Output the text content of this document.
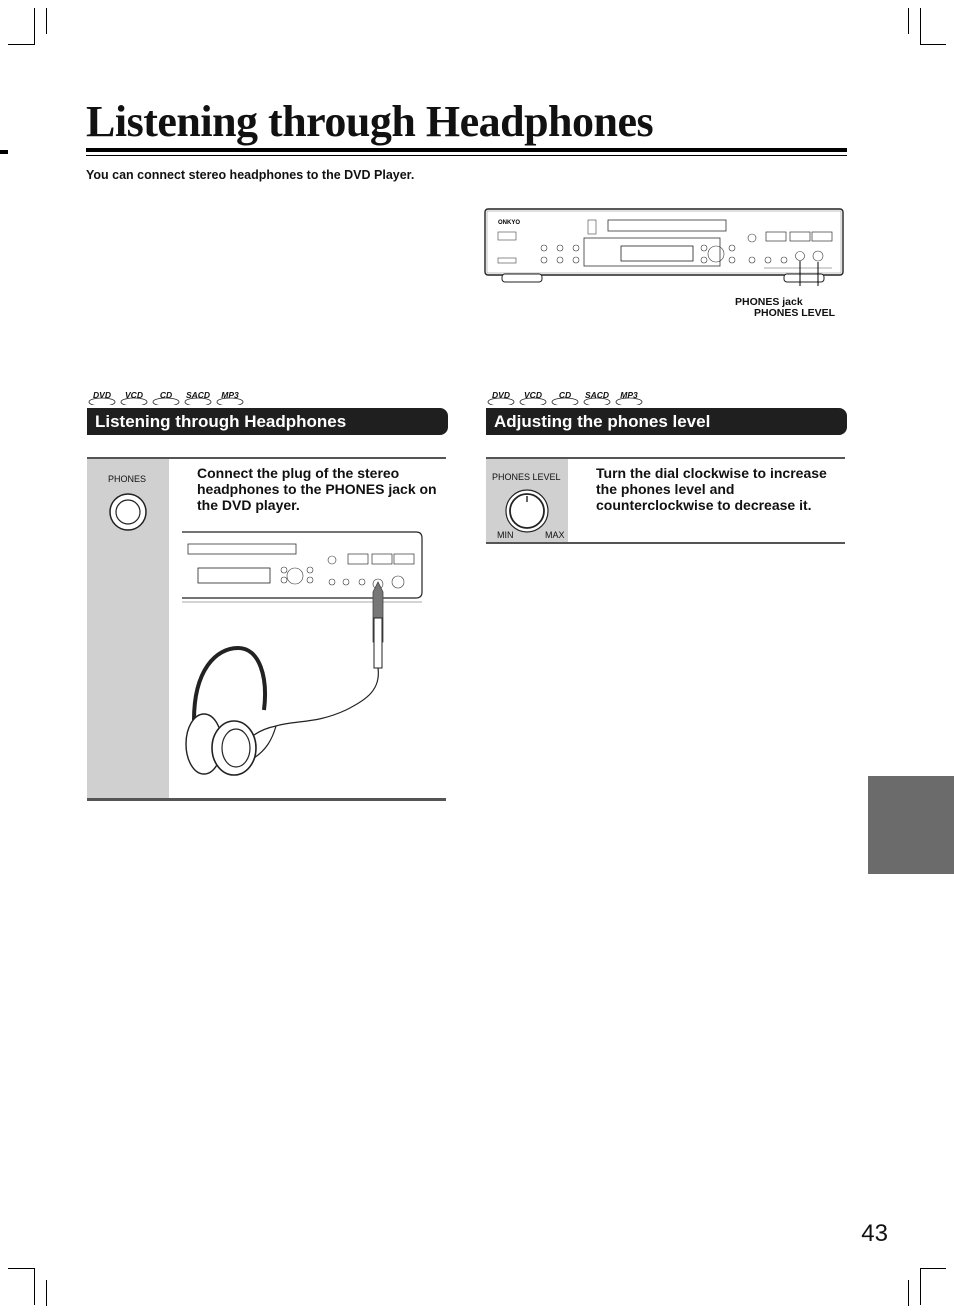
Listening through Headphones
You can connect stereo headphones to the DVD Player.
ONKYO
PHONES jack
PHONES LEVEL
DVD	VCD	CD	SACD	MP3	DVD	VCD	CD	SACD	MP3
Listening through Headphones	Adjusting the phones level
PHONES	Connect the plug of the stereo headphones to the PHONES jack on the DVD player.
PHONES LEVEL
MIN	MAX
Turn the dial clockwise to increase the phones level and counterclockwise to decrease it.
43
